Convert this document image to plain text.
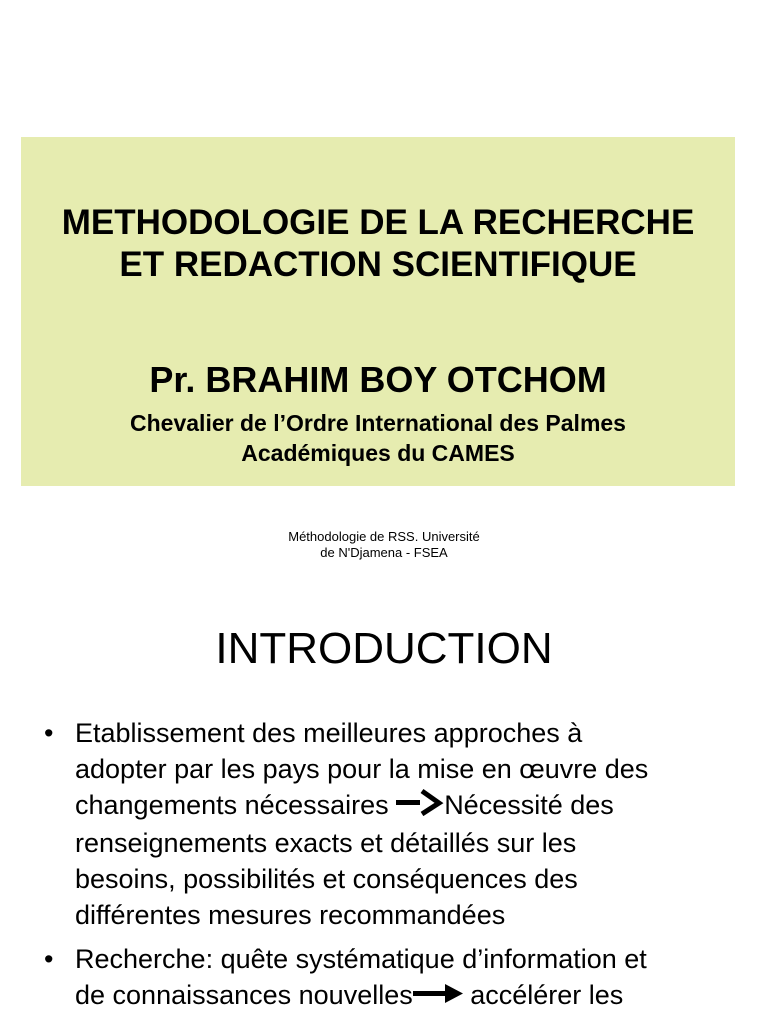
METHODOLOGIE DE LA RECHERCHE
ET REDACTION SCIENTIFIQUE
Pr. BRAHIM BOY OTCHOM
Chevalier de l’Ordre International des Palmes
Académiques du CAMES
Méthodologie de RSS. Université
de N'Djamena - FSEA
INTRODUCTION
• Etablissement des meilleures approches à
adopter par les pays pour la mise en œuvre des
changements nécessaires Nécessité des
renseignements exacts et détaillés sur les
besoins, possibilités et conséquences des
différentes mesures recommandées
• Recherche: quête systématique d’information et
de connaissances nouvelles accélérer les
